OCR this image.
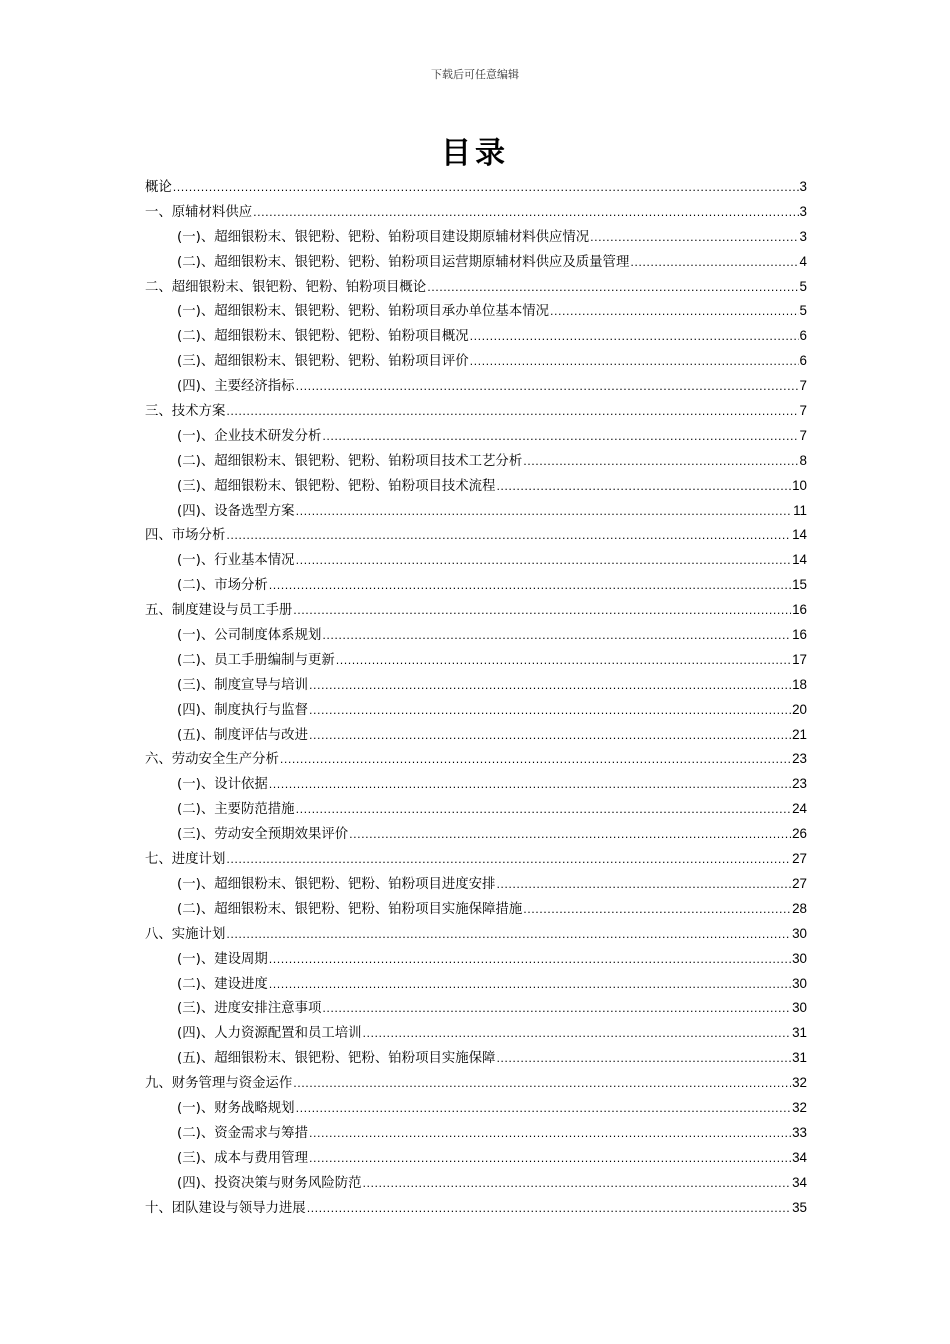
下载后可任意编辑
目录
概论 .....	3
一、原辅材料供应 .....	3
(一)、超细银粉末、银钯粉、钯粉、铂粉项目建设期原辅材料供应情况 .....	3
(二)、超细银粉末、银钯粉、钯粉、铂粉项目运营期原辅材料供应及质量管理 .....	4
二、超细银粉末、银钯粉、钯粉、铂粉项目概论 .....	5
(一)、超细银粉末、银钯粉、钯粉、铂粉项目承办单位基本情况 .....	5
(二)、超细银粉末、银钯粉、钯粉、铂粉项目概况 .....	6
(三)、超细银粉末、银钯粉、钯粉、铂粉项目评价 .....	6
(四)、主要经济指标 .....	7
三、技术方案 .....	7
(一)、企业技术研发分析 .....	7
(二)、超细银粉末、银钯粉、钯粉、铂粉项目技术工艺分析 .....	8
(三)、超细银粉末、银钯粉、钯粉、铂粉项目技术流程 .....	10
(四)、设备选型方案 .....	11
四、市场分析 .....	14
(一)、行业基本情况 .....	14
(二)、市场分析 .....	15
五、制度建设与员工手册 .....	16
(一)、公司制度体系规划 .....	16
(二)、员工手册编制与更新 .....	17
(三)、制度宣导与培训 .....	18
(四)、制度执行与监督 .....	20
(五)、制度评估与改进 .....	21
六、劳动安全生产分析 .....	23
(一)、设计依据 .....	23
(二)、主要防范措施 .....	24
(三)、劳动安全预期效果评价 .....	26
七、进度计划 .....	27
(一)、超细银粉末、银钯粉、钯粉、铂粉项目进度安排 .....	27
(二)、超细银粉末、银钯粉、钯粉、铂粉项目实施保障措施 .....	28
八、实施计划 .....	30
(一)、建设周期 .....	30
(二)、建设进度 .....	30
(三)、进度安排注意事项 .....	30
(四)、人力资源配置和员工培训 .....	31
(五)、超细银粉末、银钯粉、钯粉、铂粉项目实施保障 .....	31
九、财务管理与资金运作 .....	32
(一)、财务战略规划 .....	32
(二)、资金需求与筹措 .....	33
(三)、成本与费用管理 .....	34
(四)、投资决策与财务风险防范 .....	34
十、团队建设与领导力进展 .....	35
